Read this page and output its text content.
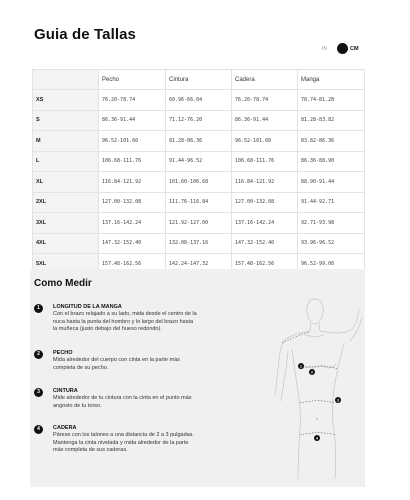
Guia de Tallas
IN	CM
	Pecho	Cintura	Cadera	Manga
XS	76.20-78.74	60.96-66.04	76.20-78.74	78.74-81.28
S	86.36-91.44	71.12-76.20	86.36-91.44	81.28-83.82
M	96.52-101.60	81.28-86.36	96.52-101.60	83.82-86.36
L	106.68-111.76	91.44-96.52	106.68-111.76	86.36-88.90
XL	116.84-121.92	101.60-106.68	116.84-121.92	88.90-91.44
2XL	127.00-132.08	111.76-116.84	127.00-132.08	91.44-92.71
3XL	137.16-142.24	121.92-127.00	137.16-142.24	92.71-93.98
4XL	147.32-152.40	132.08-137.16	147.32-152.40	93.96-96.52
5XL	157.48-162.56	142.24-147.32	157.48-162.56	96.52-99.06
Como Medir
1	LONGITUD DE LA MANGA
Con el brazo relajado a su lado, mida desde el centro de la
nuca hasta la punta del hombro y lo largo del brazo hasta
la muñeca (justo debajo del hueso redondo).
2	PECHO
Mida alrededor del cuerpo con cinta en la parte más
completa de su pecho.
3	CINTURA
Mide alrededor de tu cintura con la cinta en el punto más
angosto de tu torso.
4	CADERA
Párese con los talones a una distancia de 2 a 3 pulgadas.
Mantenga la cinta nivelada y mida alrededor de la parte
más completa de sus caderas.
1
2
3
4
